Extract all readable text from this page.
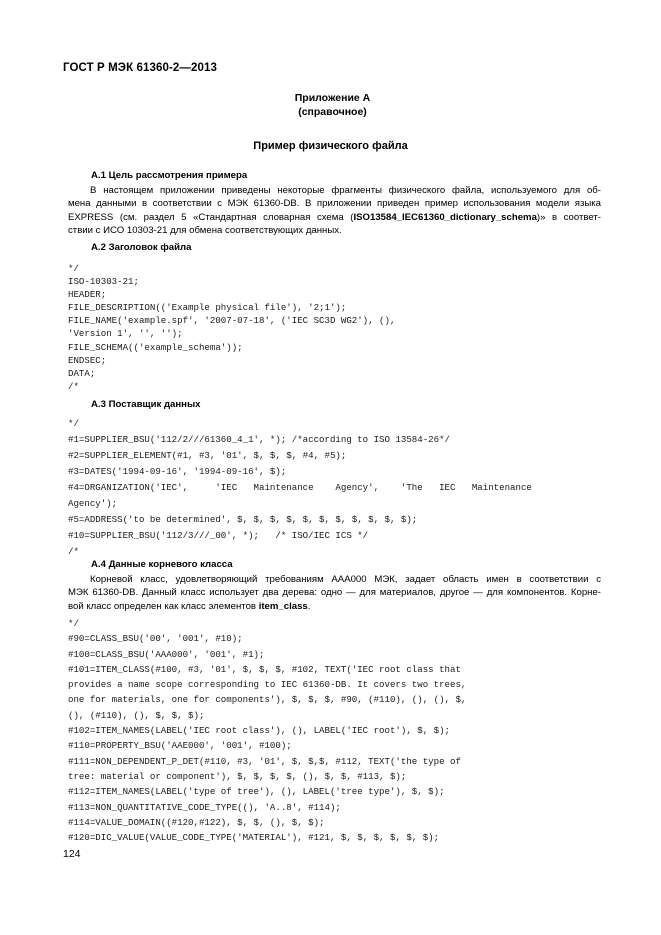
ГОСТ Р МЭК 61360-2—2013
Приложение А
(справочное)
Пример физического файла
А.1 Цель рассмотрения примера
В настоящем приложении приведены некоторые фрагменты физического файла, используемого для об-
мена данными в соответствии с МЭК 61360-DB. В приложении приведен пример использования модели языка
EXPRESS (см. раздел 5 «Стандартная словарная схема (ISO13584_IEC61360_dictionary_schema)» в соответ-
ствии с ИСО 10303-21 для обмена соответствующих данных.
А.2 Заголовок файла
*/
ISO-10303-21;
HEADER;
FILE_DESCRIPTION(('Example physical file'), '2;1');
FILE_NAME('example.spf', '2007-07-18', ('IEC SC3D WG2'), (),
'Version 1', '', '');
FILE_SCHEMA(('example_schema'));
ENDSEC;
DATA;
/*
А.3 Поставщик данных
*/
#1=SUPPLIER_BSU('112/2///61360_4_1', *); /*according to ISO 13584-26*/
#2=SUPPLIER_ELEMENT(#1, #3, '01', $, $, $, #4, #5);
#3=DATES('1994-09-16', '1994-09-16', $);
#4=ORGANIZATION('IEC',     'IEC   Maintenance    Agency',    'The   IEC   Maintenance
Agency');
#5=ADDRESS('to be determined', $, $, $, $, $, $, $, $, $, $, $);
#10=SUPPLIER_BSU('112/3///_00', *);   /* ISO/IEC ICS */
/*
А.4 Данные корневого класса
Корневой класс, удовлетворяющий требованиям ААА000 МЭК, задает область имен в соответствии с
МЭК 61360-DB. Данный класс использует два дерева: одно — для материалов, другое — для компонентов. Корне-
вой класс определен как класс элементов item_class.
*/
#90=CLASS_BSU('00', '001', #10);
#100=CLASS_BSU('AAA000', '001', #1);
#101=ITEM_CLASS(#100, #3, '01', $, $, $, #102, TEXT('IEC root class that
provides a name scope corresponding to IEC 61360-DB. It covers two trees,
one for materials, one for components'), $, $, $, #90, (#110), (), (), $,
(), (#110), (), $, $, $);
#102=ITEM_NAMES(LABEL('IEC root class'), (), LABEL('IEC root'), $, $);
#110=PROPERTY_BSU('AAE000', '001', #100);
#111=NON_DEPENDENT_P_DET(#110, #3, '01', $, $,$, #112, TEXT('the type of
tree: material or component'), $, $, $, $, (), $, $, #113, $);
#112=ITEM_NAMES(LABEL('type of tree'), (), LABEL('tree type'), $, $);
#113=NON_QUANTITATIVE_CODE_TYPE((), 'A..8', #114);
#114=VALUE_DOMAIN((#120,#122), $, $, (), $, $);
#120=DIC_VALUE(VALUE_CODE_TYPE('MATERIAL'), #121, $, $, $, $, $, $);
124
